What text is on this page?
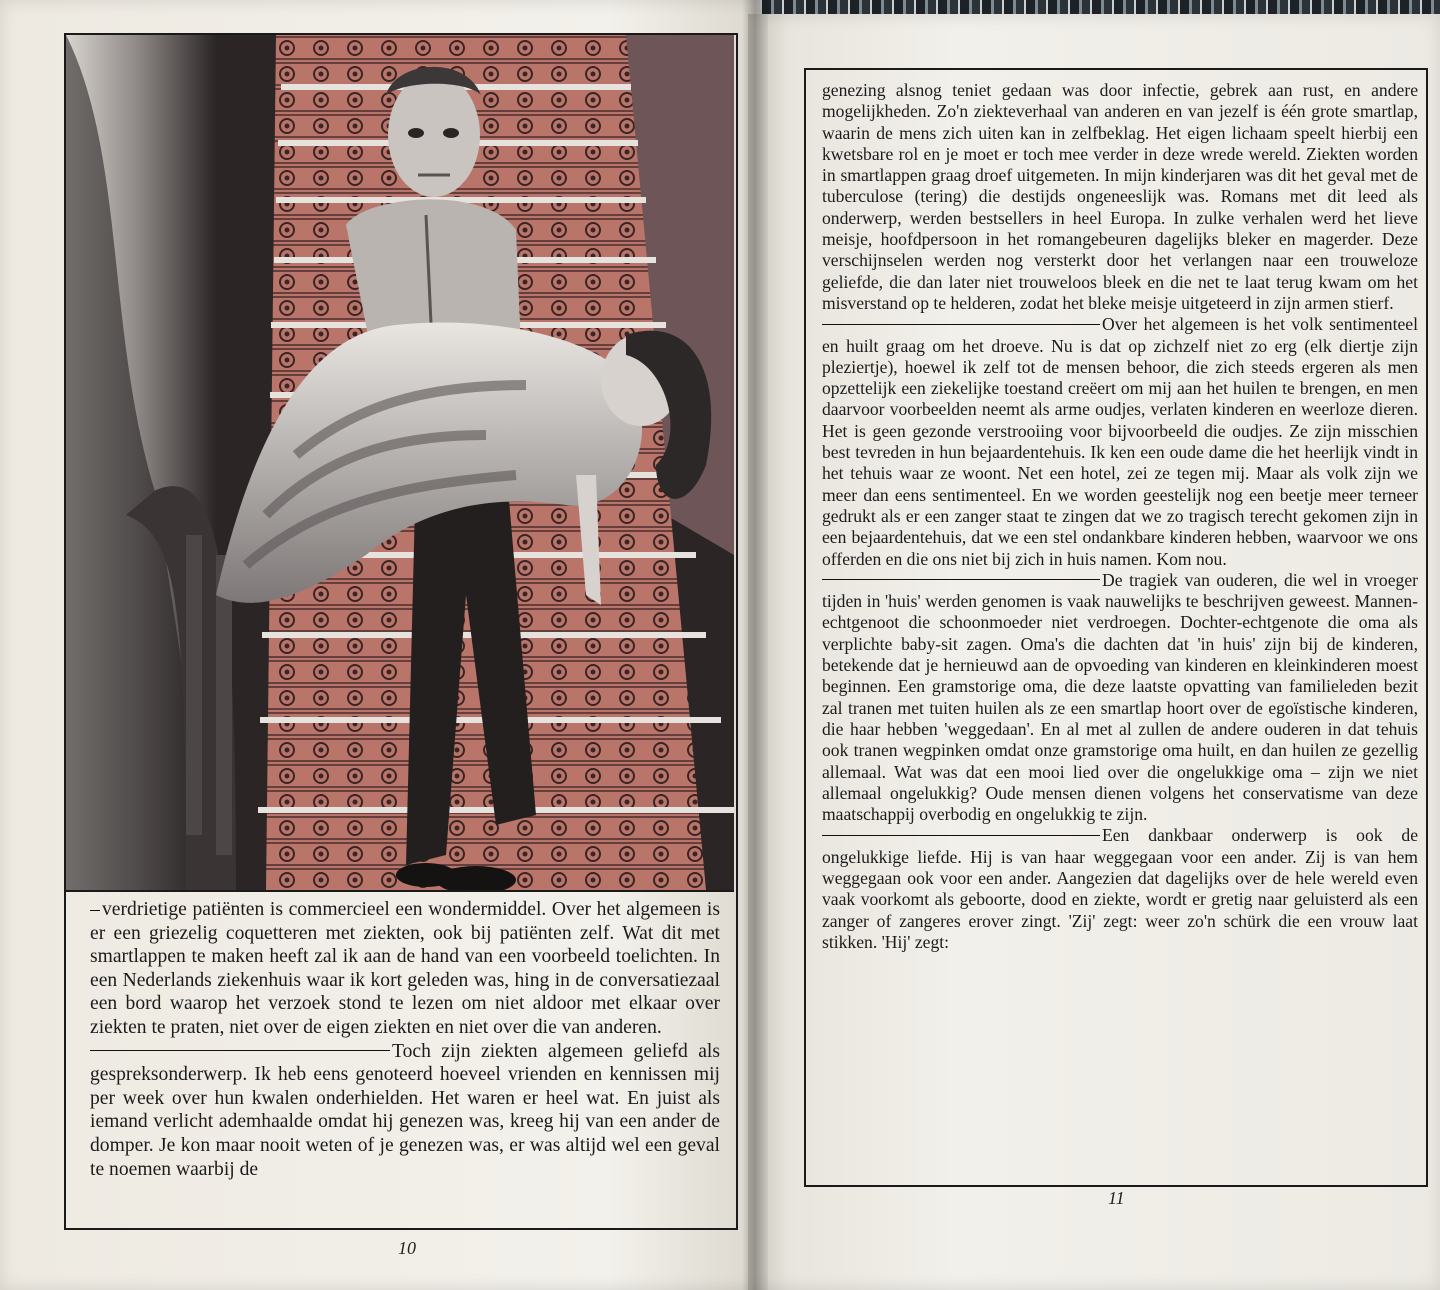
verdrietige patiënten is commercieel een wondermiddel. Over het algemeen is er een griezelig coquetteren met ziekten, ook bij patiënten zelf. Wat dit met smartlappen te maken heeft zal ik aan de hand van een voorbeeld toelichten. In een Nederlands ziekenhuis waar ik kort geleden was, hing in de conversatiezaal een bord waarop het verzoek stond te lezen om niet aldoor met elkaar over ziekten te praten, niet over de eigen ziekten en niet over die van anderen.

Toch zijn ziekten algemeen geliefd als gespreksonderwerp. Ik heb eens genoteerd hoeveel vrienden en kennissen mij per week over hun kwalen onderhielden. Het waren er heel wat. En juist als iemand verlicht ademhaalde omdat hij genezen was, kreeg hij van een ander de domper. Je kon maar nooit weten of je genezen was, er was altijd wel een geval te noemen waarbij de

10

genezing alsnog teniet gedaan was door infectie, gebrek aan rust, en andere mogelijkheden. Zo'n ziekteverhaal van anderen en van jezelf is één grote smartlap, waarin de mens zich uiten kan in zelfbeklag. Het eigen lichaam speelt hierbij een kwetsbare rol en je moet er toch mee verder in deze wrede wereld. Ziekten worden in smartlappen graag droef uitgemeten. In mijn kinderjaren was dit het geval met de tuberculose (tering) die destijds ongeneeslijk was. Romans met dit leed als onderwerp, werden bestsellers in heel Europa. In zulke verhalen werd het lieve meisje, hoofdpersoon in het romangebeuren dagelijks bleker en magerder. Deze verschijnselen werden nog versterkt door het verlangen naar een trouweloze geliefde, die dan later niet trouweloos bleek en die net te laat terug kwam om het misverstand op te helderen, zodat het bleke meisje uitgeteerd in zijn armen stierf.

Over het algemeen is het volk sentimenteel en huilt graag om het droeve. Nu is dat op zichzelf niet zo erg (elk diertje zijn pleziertje), hoewel ik zelf tot de mensen behoor, die zich steeds ergeren als men opzettelijk een ziekelijke toestand creëert om mij aan het huilen te brengen, en men daarvoor voorbeelden neemt als arme oudjes, verlaten kinderen en weerloze dieren. Het is geen gezonde verstrooiing voor bijvoorbeeld die oudjes. Ze zijn misschien best tevreden in hun bejaardentehuis. Ik ken een oude dame die het heerlijk vindt in het tehuis waar ze woont. Net een hotel, zei ze tegen mij. Maar als volk zijn we meer dan eens sentimenteel. En we worden geestelijk nog een beetje meer terneer gedrukt als er een zanger staat te zingen dat we zo tragisch terecht gekomen zijn in een bejaardentehuis, dat we een stel ondankbare kinderen hebben, waarvoor we ons offerden en die ons niet bij zich in huis namen. Kom nou.

De tragiek van ouderen, die wel in vroeger tijden in 'huis' werden genomen is vaak nauwelijks te beschrijven geweest. Mannen-echtgenoot die schoonmoeder niet verdroegen. Dochter-echtgenote die oma als verplichte baby-sit zagen. Oma's die dachten dat 'in huis' zijn bij de kinderen, betekende dat je hernieuwd aan de opvoeding van kinderen en kleinkinderen moest beginnen. Een gramstorige oma, die deze laatste opvatting van familieleden bezit zal tranen met tuiten huilen als ze een smartlap hoort over de egoïstische kinderen, die haar hebben 'weggedaan'. En al met al zullen de andere ouderen in dat tehuis ook tranen wegpinken omdat onze gramstorige oma huilt, en dan huilen ze gezellig allemaal. Wat was dat een mooi lied over die ongelukkige oma – zijn we niet allemaal ongelukkig? Oude mensen dienen volgens het conservatisme van deze maatschappij overbodig en ongelukkig te zijn.

Een dankbaar onderwerp is ook de ongelukkige liefde. Hij is van haar weggegaan voor een ander. Zij is van hem weggegaan ook voor een ander. Aangezien dat dagelijks over de hele wereld even vaak voorkomt als geboorte, dood en ziekte, wordt er gretig naar geluisterd als een zanger of zangeres erover zingt. 'Zij' zegt: weer zo'n schürk die een vrouw laat stikken. 'Hij' zegt:

11
